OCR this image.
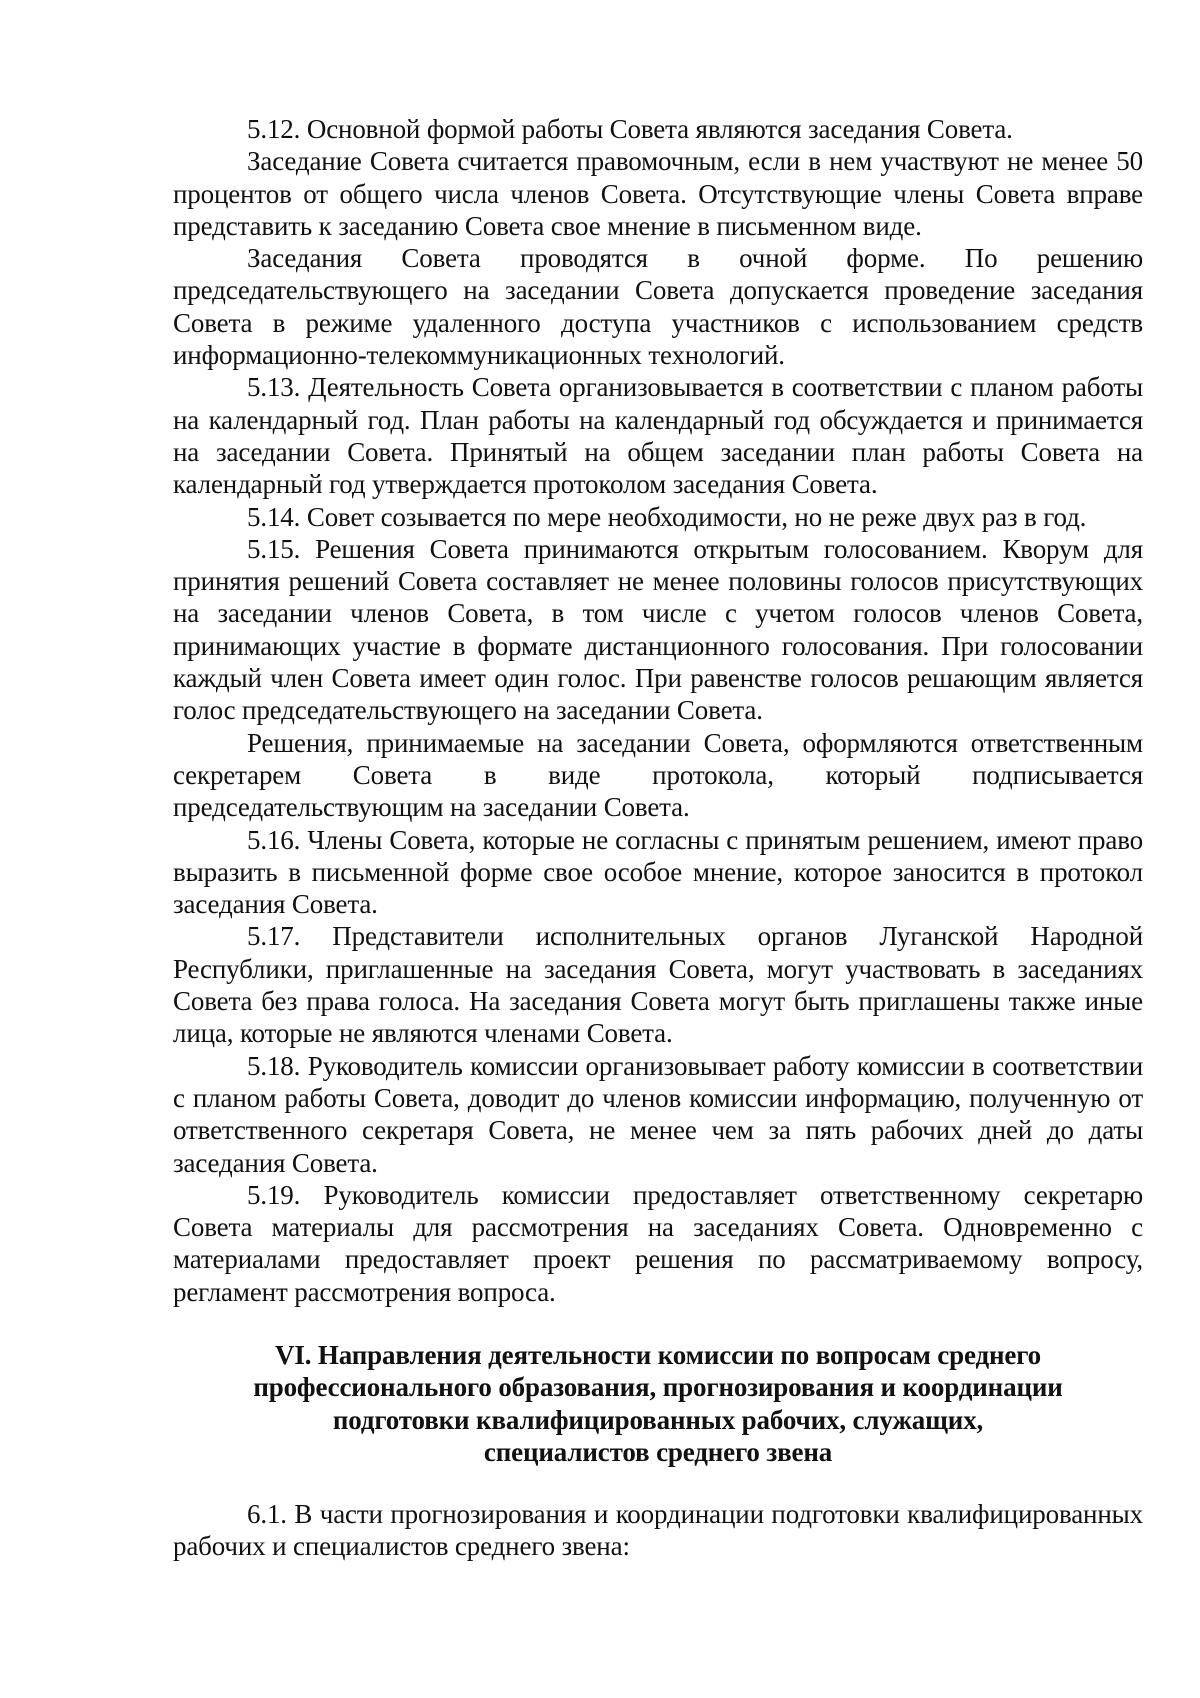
5.12. Основной формой работы Совета являются заседания Совета.

Заседание Совета считается правомочным, если в нем участвуют не менее 50 процентов от общего числа членов Совета. Отсутствующие члены Совета вправе представить к заседанию Совета свое мнение в письменном виде.

Заседания Совета проводятся в очной форме. По решению председательствующего на заседании Совета допускается проведение заседания Совета в режиме удаленного доступа участников с использованием средств информационно-телекоммуникационных технологий.

5.13. Деятельность Совета организовывается в соответствии с планом работы на календарный год. План работы на календарный год обсуждается и принимается на заседании Совета. Принятый на общем заседании план работы Совета на календарный год утверждается протоколом заседания Совета.

5.14. Совет созывается по мере необходимости, но не реже двух раз в год.

5.15. Решения Совета принимаются открытым голосованием. Кворум для принятия решений Совета составляет не менее половины голосов присутствующих на заседании членов Совета, в том числе с учетом голосов членов Совета, принимающих участие в формате дистанционного голосования. При голосовании каждый член Совета имеет один голос. При равенстве голосов решающим является голос председательствующего на заседании Совета.

Решения, принимаемые на заседании Совета, оформляются ответственным секретарем Совета в виде протокола, который подписывается председательствующим на заседании Совета.

5.16. Члены Совета, которые не согласны с принятым решением, имеют право выразить в письменной форме свое особое мнение, которое заносится в протокол заседания Совета.

5.17. Представители исполнительных органов Луганской Народной Республики, приглашенные на заседания Совета, могут участвовать в заседаниях Совета без права голоса. На заседания Совета могут быть приглашены также иные лица, которые не являются членами Совета.

5.18. Руководитель комиссии организовывает работу комиссии в соответствии с планом работы Совета, доводит до членов комиссии информацию, полученную от ответственного секретаря Совета, не менее чем за пять рабочих дней до даты заседания Совета.

5.19. Руководитель комиссии предоставляет ответственному секретарю Совета материалы для рассмотрения на заседаниях Совета. Одновременно с материалами предоставляет проект решения по рассматриваемому вопросу, регламент рассмотрения вопроса.

VI. Направления деятельности комиссии по вопросам среднего
профессионального образования, прогнозирования и координации
подготовки квалифицированных рабочих, служащих,
специалистов среднего звена

6.1. В части прогнозирования и координации подготовки квалифицированных рабочих и специалистов среднего звена:
